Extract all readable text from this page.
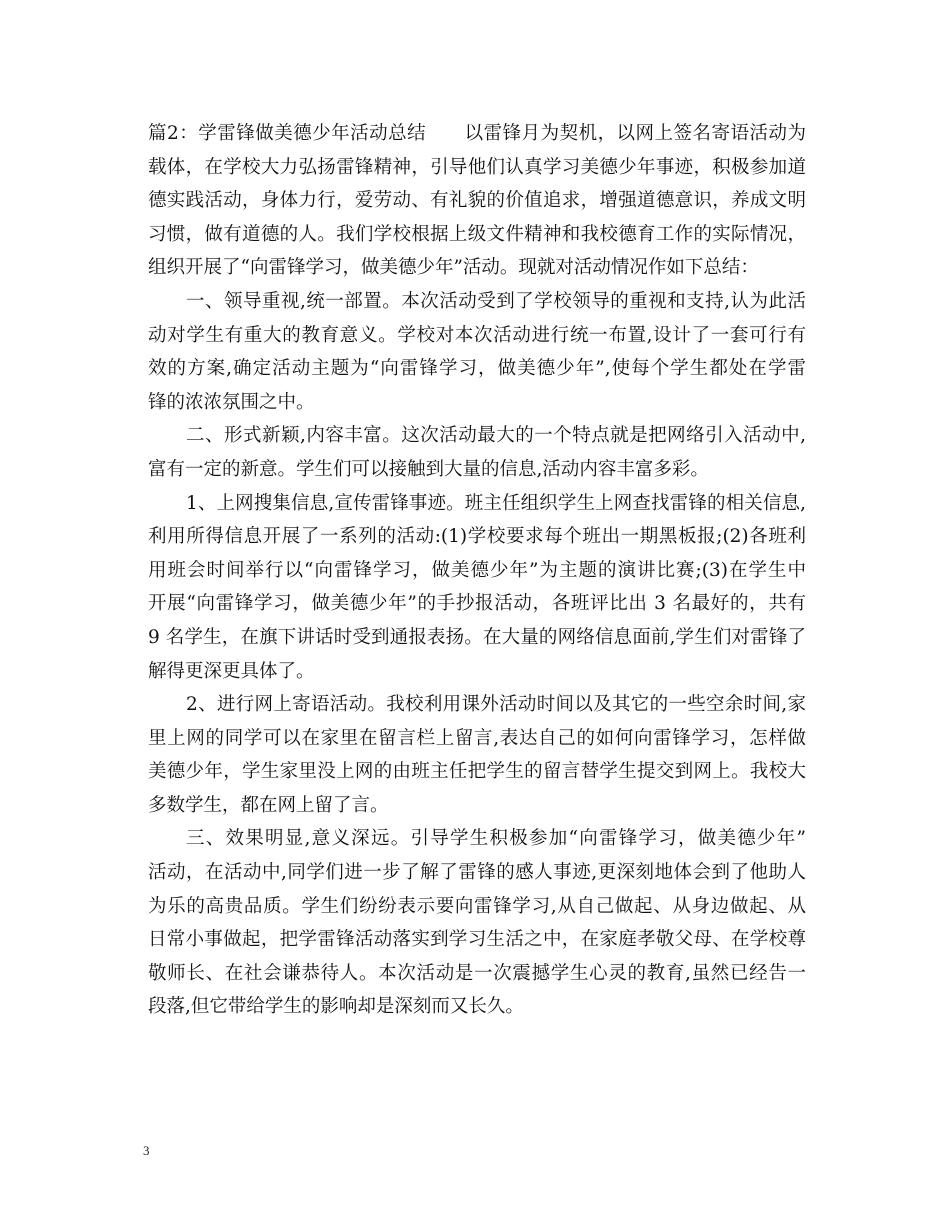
篇2：学雷锋做美德少年活动总结 以雷锋月为契机，以网上签名寄语活动为
载体，在学校大力弘扬雷锋精神，引导他们认真学习美德少年事迹，积极参加道
德实践活动，身体力行，爱劳动、有礼貌的价值追求，增强道德意识，养成文明
习惯，做有道德的人。我们学校根据上级文件精神和我校德育工作的实际情况，
组织开展了“向雷锋学习，做美德少年”活动。现就对活动情况作如下总结：
一、领导重视,统一部置。本次活动受到了学校领导的重视和支持,认为此活
动对学生有重大的教育意义。学校对本次活动进行统一布置,设计了一套可行有
效的方案,确定活动主题为“向雷锋学习，做美德少年”,使每个学生都处在学雷
锋的浓浓氛围之中。
二、形式新颖,内容丰富。这次活动最大的一个特点就是把网络引入活动中,
富有一定的新意。学生们可以接触到大量的信息,活动内容丰富多彩。
1、上网搜集信息,宣传雷锋事迹。班主任组织学生上网查找雷锋的相关信息,
利用所得信息开展了一系列的活动:(1)学校要求每个班出一期黑板报;(2)各班利
用班会时间举行以“向雷锋学习，做美德少年”为主题的演讲比赛;(3)在学生中
开展“向雷锋学习，做美德少年”的手抄报活动，各班评比出 3 名最好的，共有
9 名学生，在旗下讲话时受到通报表扬。在大量的网络信息面前,学生们对雷锋了
解得更深更具体了。
2、进行网上寄语活动。我校利用课外活动时间以及其它的一些空余时间,家
里上网的同学可以在家里在留言栏上留言,表达自己的如何向雷锋学习，怎样做
美德少年，学生家里没上网的由班主任把学生的留言替学生提交到网上。我校大
多数学生，都在网上留了言。
三、效果明显,意义深远。引导学生积极参加“向雷锋学习，做美德少年”
活动，在活动中,同学们进一步了解了雷锋的感人事迹,更深刻地体会到了他助人
为乐的高贵品质。学生们纷纷表示要向雷锋学习,从自己做起、从身边做起、从
日常小事做起，把学雷锋活动落实到学习生活之中，在家庭孝敬父母、在学校尊
敬师长、在社会谦恭待人。本次活动是一次震撼学生心灵的教育,虽然已经告一
段落,但它带给学生的影响却是深刻而又长久。
3
